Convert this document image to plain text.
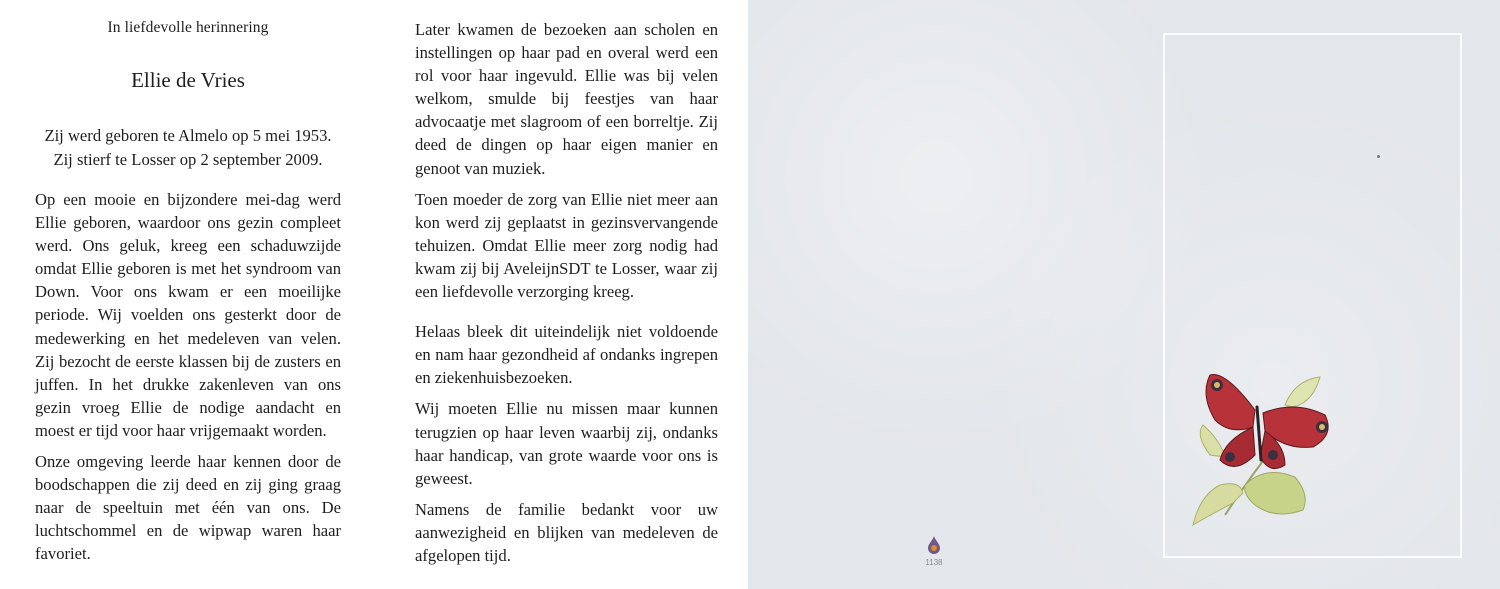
In liefdevolle herinnering
Ellie de Vries
Zij werd geboren te Almelo op 5 mei 1953.
Zij stierf te Losser op 2 september 2009.

Op een mooie en bijzondere mei-dag werd Ellie geboren, waardoor ons gezin compleet werd. Ons geluk, kreeg een schaduwzijde omdat Ellie geboren is met het syndroom van Down. Voor ons kwam er een moeilijke periode. Wij voelden ons gesterkt door de medewerking en het medeleven van velen. Zij bezocht de eerste klassen bij de zusters en juffen. In het drukke zakenleven van ons gezin vroeg Ellie de nodige aandacht en moest er tijd voor haar vrijgemaakt worden.

Onze omgeving leerde haar kennen door de boodschappen die zij deed en zij ging graag naar de speeltuin met één van ons. De luchtschommel en de wipwap waren haar favoriet.

Later kwamen de bezoeken aan scholen en instellingen op haar pad en overal werd een rol voor haar ingevuld. Ellie was bij velen welkom, smulde bij feestjes van haar advocaatje met slagroom of een borreltje. Zij deed de dingen op haar eigen manier en genoot van muziek.

Toen moeder de zorg van Ellie niet meer aan kon werd zij geplaatst in gezinsvervangende tehuizen. Omdat Ellie meer zorg nodig had kwam zij bij AveleijnSDT te Losser, waar zij een liefdevolle verzorging kreeg.

Helaas bleek dit uiteindelijk niet voldoende en nam haar gezondheid af ondanks ingrepen en ziekenhuisbezoeken.

Wij moeten Ellie nu missen maar kunnen terugzien op haar leven waarbij zij, ondanks haar handicap, van grote waarde voor ons is geweest.

Namens de familie bedankt voor uw aanwezigheid en blijken van medeleven de afgelopen tijd.	1138
